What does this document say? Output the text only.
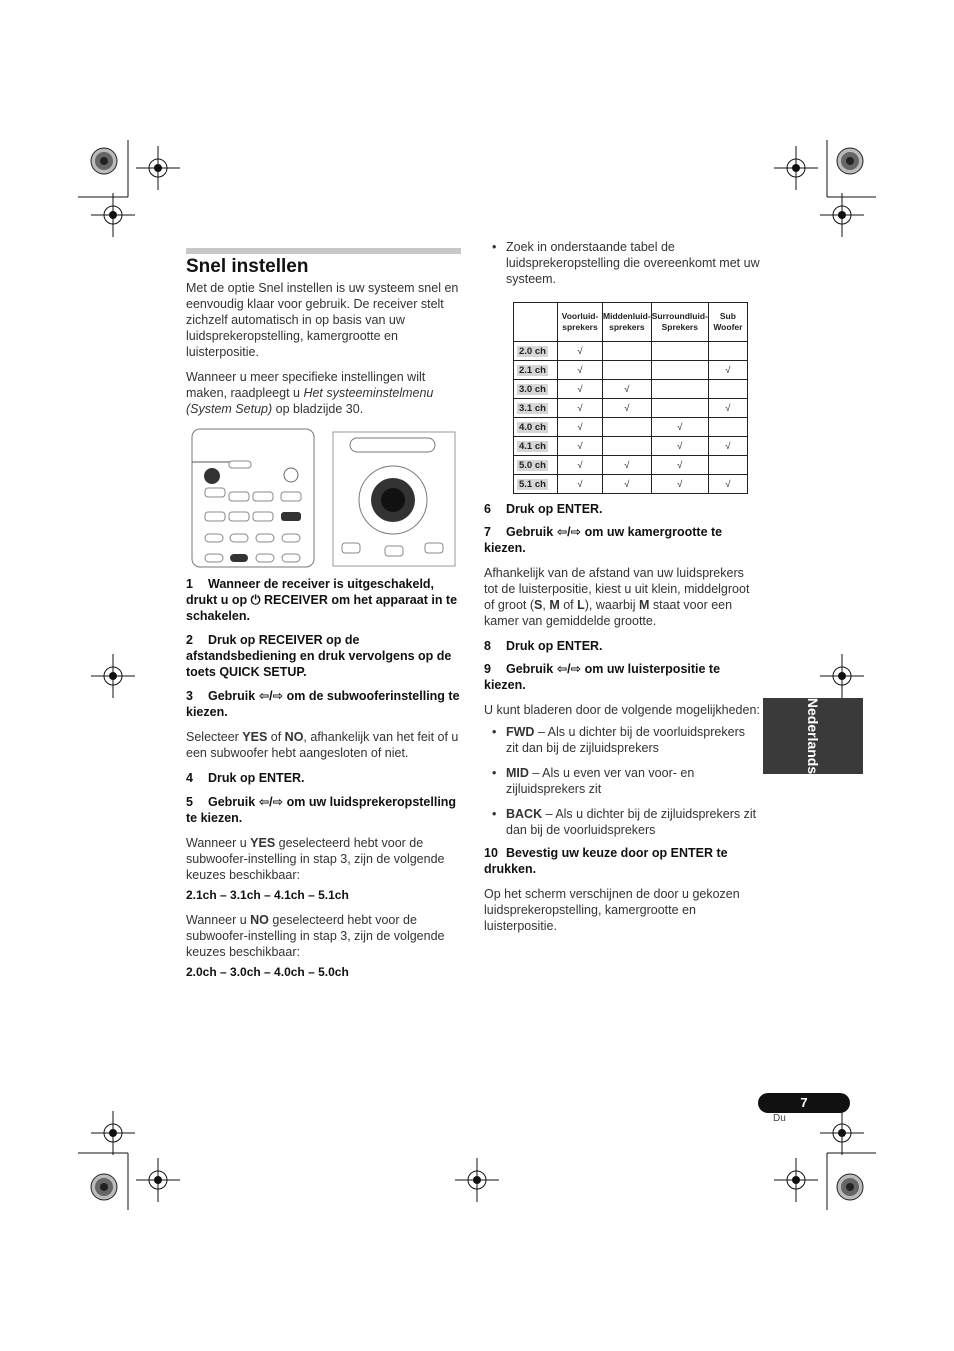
Snel instellen

Met de optie Snel instellen is uw systeem snel en eenvoudig klaar voor gebruik. De receiver stelt zichzelf automatisch in op basis van uw luidsprekeropstelling, kamergrootte en luisterpositie.

Wanneer u meer specifieke instellingen wilt maken, raadpleegt u Het systeeminstelmenu (System Setup) op bladzijde 30.

1 Wanneer de receiver is uitgeschakeld, drukt u op ⏻ RECEIVER om het apparaat in te schakelen.

2 Druk op RECEIVER op de afstandsbediening en druk vervolgens op de toets QUICK SETUP.

3 Gebruik ⇦/⇨ om de subwooferinstelling te kiezen.

Selecteer YES of NO, afhankelijk van het feit of u een subwoofer hebt aangesloten of niet.

4 Druk op ENTER.

5 Gebruik ⇦/⇨ om uw luidsprekeropstelling te kiezen.

Wanneer u YES geselecteerd hebt voor de subwoofer-instelling in stap 3, zijn de volgende keuzes beschikbaar:

2.1ch – 3.1ch – 4.1ch – 5.1ch

Wanneer u NO geselecteerd hebt voor de subwoofer-instelling in stap 3, zijn de volgende keuzes beschikbaar:

2.0ch – 3.0ch – 4.0ch – 5.0ch

• Zoek in onderstaande tabel de luidsprekeropstelling die overeenkomt met uw systeem.

	Voorluid-
sprekers	Middenluid-
sprekers	Surroundluid-
Sprekers	Sub
Woofer
2.0 ch	√			
2.1 ch	√			√
3.0 ch	√	√		
3.1 ch	√	√		√
4.0 ch	√		√	
4.1 ch	√		√	√
5.0 ch	√	√	√	
5.1 ch	√	√	√	√

6 Druk op ENTER.

7 Gebruik ⇦/⇨ om uw kamergrootte te kiezen.

Afhankelijk van de afstand van uw luidsprekers tot de luisterpositie, kiest u uit klein, middelgroot of groot (S, M of L), waarbij M staat voor een kamer van gemiddelde grootte.

8 Druk op ENTER.

9 Gebruik ⇦/⇨ om uw luisterpositie te kiezen.

U kunt bladeren door de volgende mogelijkheden:

• FWD – Als u dichter bij de voorluidsprekers zit dan bij de zijluidsprekers

• MID – Als u even ver van voor- en zijluidsprekers zit

• BACK – Als u dichter bij de zijluidsprekers zit dan bij de voorluidsprekers

10 Bevestig uw keuze door op ENTER te drukken.

Op het scherm verschijnen de door u gekozen luidsprekeropstelling, kamergrootte en luisterpositie.

Nederlands
7
Du
